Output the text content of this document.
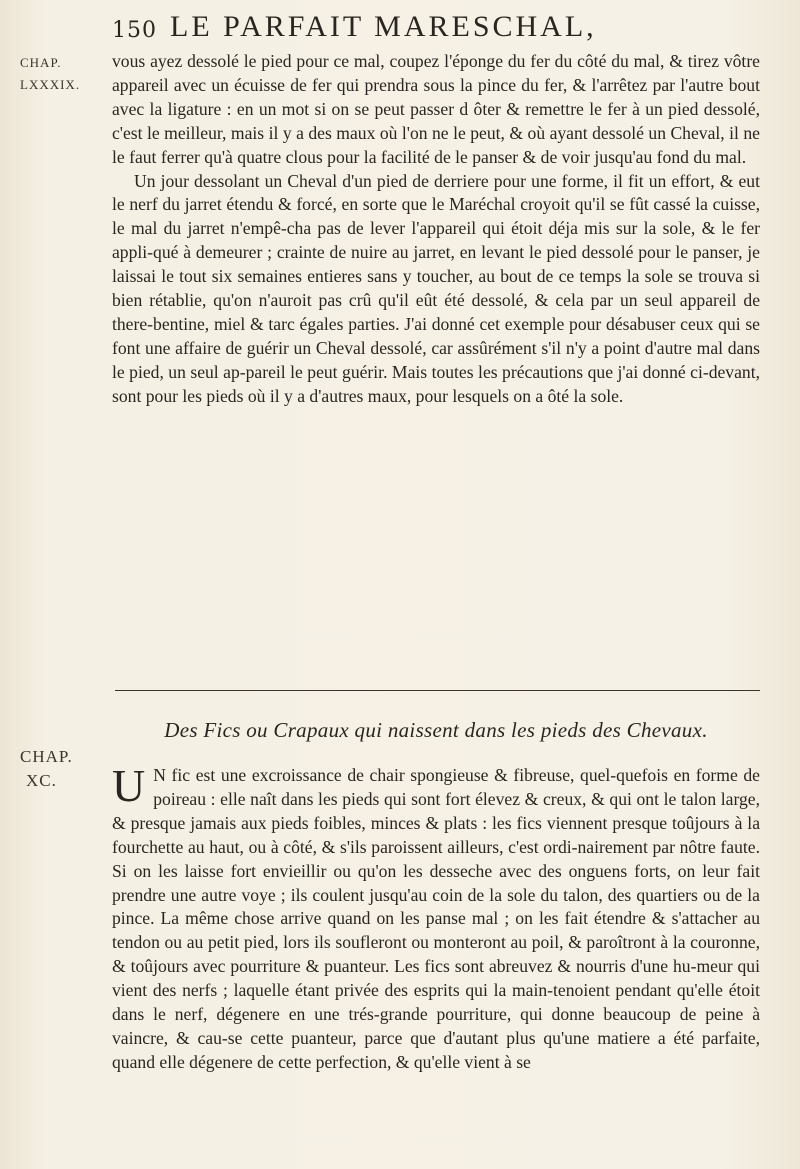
150 LE PARFAIT MARESCHAL,
CHAP.
LXXXIX.

vous ayez dessolé le pied pour ce mal, coupez l'éponge du fer du côté du mal, & tirez vôtre appareil avec un écuisse de fer qui prendra sous la pince du fer, & l'arrêtez par l'autre bout avec la ligature : en un mot si on se peut passer d ôter & remettre le fer à un pied dessolé, c'est le meilleur, mais il y a des maux où l'on ne le peut, & où ayant dessolé un Cheval, il ne le faut ferrer qu'à quatre clous pour la facilité de le panser & de voir jusqu'au fond du mal.

Un jour dessolant un Cheval d'un pied de derriere pour une forme, il fit un effort, & eut le nerf du jarret étendu & forcé, en sorte que le Maréchal croyoit qu'il se fût cassé la cuisse, le mal du jarret n'empê-cha pas de lever l'appareil qui étoit déja mis sur la sole, & le fer appli-qué à demeurer ; crainte de nuire au jarret, en levant le pied dessolé pour le panser, je laissai le tout six semaines entieres sans y toucher, au bout de ce temps la sole se trouva si bien rétablie, qu'on n'auroit pas crû qu'il eût été dessolé, & cela par un seul appareil de there-bentine, miel & tarc égales parties. J'ai donné cet exemple pour désabuser ceux qui se font une affaire de guérir un Cheval dessolé, car assûrément s'il n'y a point d'autre mal dans le pied, un seul ap-pareil le peut guérir. Mais toutes les précautions que j'ai donné ci-devant, sont pour les pieds où il y a d'autres maux, pour lesquels on a ôté la sole.

Des Fics ou Crapaux qui naissent dans les pieds des Chevaux.
CHAP.
XC. U N fic est une excroissance de chair spongieuse & fibreuse, quel-quefois en forme de poireau : elle naît dans les pieds qui sont fort élevez & creux, & qui ont le talon large, & presque jamais aux pieds foibles, minces & plats : les fics viennent presque toûjours à la fourchette au haut, ou à côté, & s'ils paroissent ailleurs, c'est ordi-nairement par nôtre faute. Si on les laisse fort envieillir ou qu'on les desseche avec des onguens forts, on leur fait prendre une autre voye ; ils coulent jusqu'au coin de la sole du talon, des quartiers ou de la pince. La même chose arrive quand on les panse mal ; on les fait étendre & s'attacher au tendon ou au petit pied, lors ils soufleront ou monteront au poil, & paroîtront à la couronne, & toûjours avec pourriture & puanteur. Les fics sont abreuvez & nourris d'une hu-meur qui vient des nerfs ; laquelle étant privée des esprits qui la main-tenoient pendant qu'elle étoit dans le nerf, dégenere en une trés-grande pourriture, qui donne beaucoup de peine à vaincre, & cau-se cette puanteur, parce que d'autant plus qu'une matiere a été parfaite, quand elle dégenere de cette perfection, & qu'elle vient à se
